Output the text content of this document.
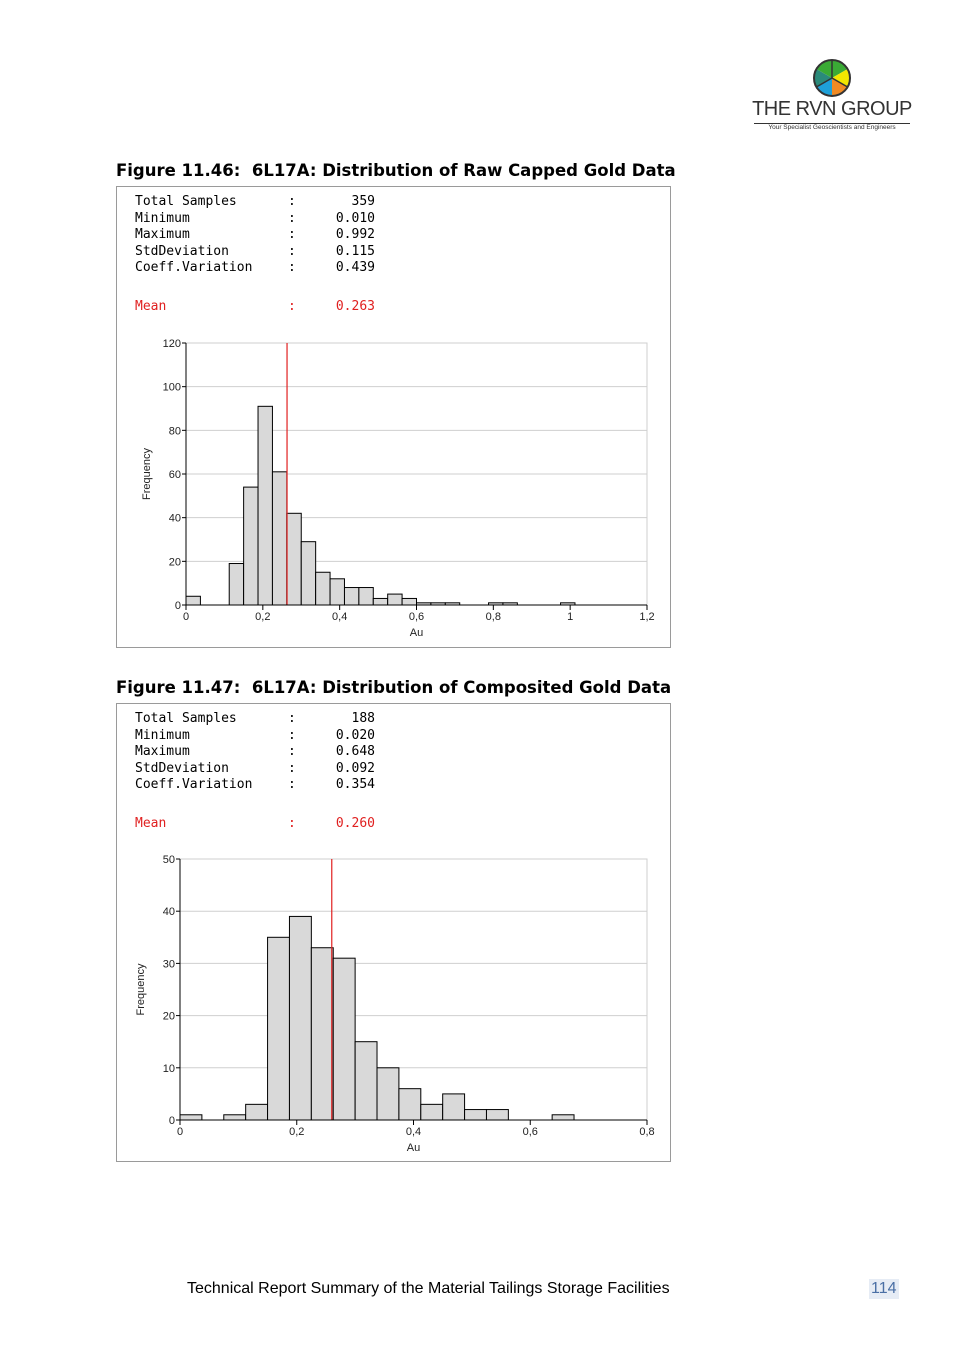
THE RVN GROUP
Your Specialist Geoscientists and Engineers
Figure 11.46:  6L17A: Distribution of Raw Capped Gold Data
Total Samples	:	359
Minimum	:	0.010
Maximum	:	0.992
StdDeviation	:	0.115
Coeff.Variation	:	0.439
Mean	:	0.263
0
20
40
60
80
100
120
0	0,2	0,4	0,6	0,8	1	1,2
Au
Frequency
Figure 11.47:  6L17A: Distribution of Composited Gold Data
Total Samples	:	188
Minimum	:	0.020
Maximum	:	0.648
StdDeviation	:	0.092
Coeff.Variation	:	0.354
Mean	:	0.260
0
10
20
30
40
50
0	0,2	0,4	0,6	0,8
Au
Frequency
Technical Report Summary of the Material Tailings Storage Facilities	114
